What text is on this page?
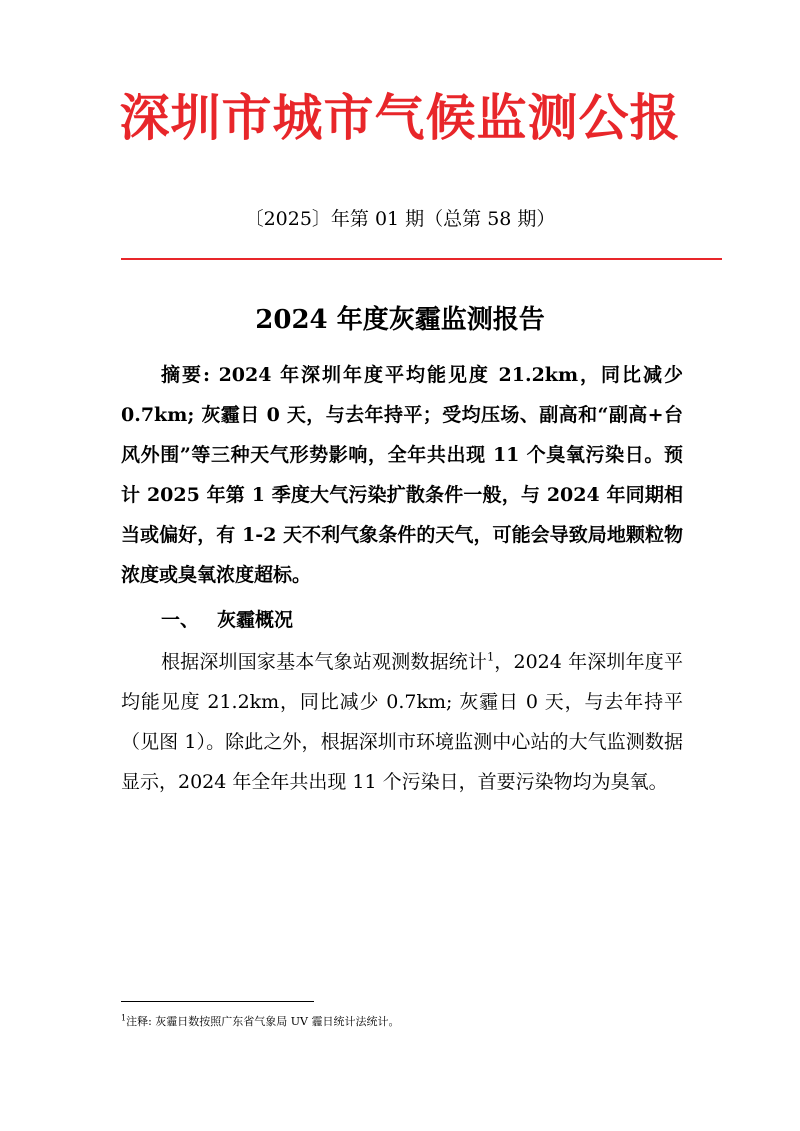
深圳市城市气候监测公报

〔2025〕年第 01 期（总第 58 期）

2024 年度灰霾监测报告

摘要: 2024 年深圳年度平均能见度 21.2km，同比减少 0.7km; 灰霾日 0 天，与去年持平；受均压场、副高和“副高+台风外围”等三种天气形势影响，全年共出现 11 个臭氧污染日。预计 2025 年第 1 季度大气污染扩散条件一般，与 2024 年同期相当或偏好，有 1-2 天不利气象条件的天气，可能会导致局地颗粒物浓度或臭氧浓度超标。

一、 灰霾概况

根据深圳国家基本气象站观测数据统计$^1$，2024 年深圳年度平均能见度 21.2km，同比减少 0.7km; 灰霾日 0 天，与去年持平（见图 1）。除此之外，根据深圳市环境监测中心站的大气监测数据显示，2024 年全年共出现 11 个污染日，首要污染物均为臭氧。

$^1$注释: 灰霾日数按照广东省气象局 UV 霾日统计法统计。
